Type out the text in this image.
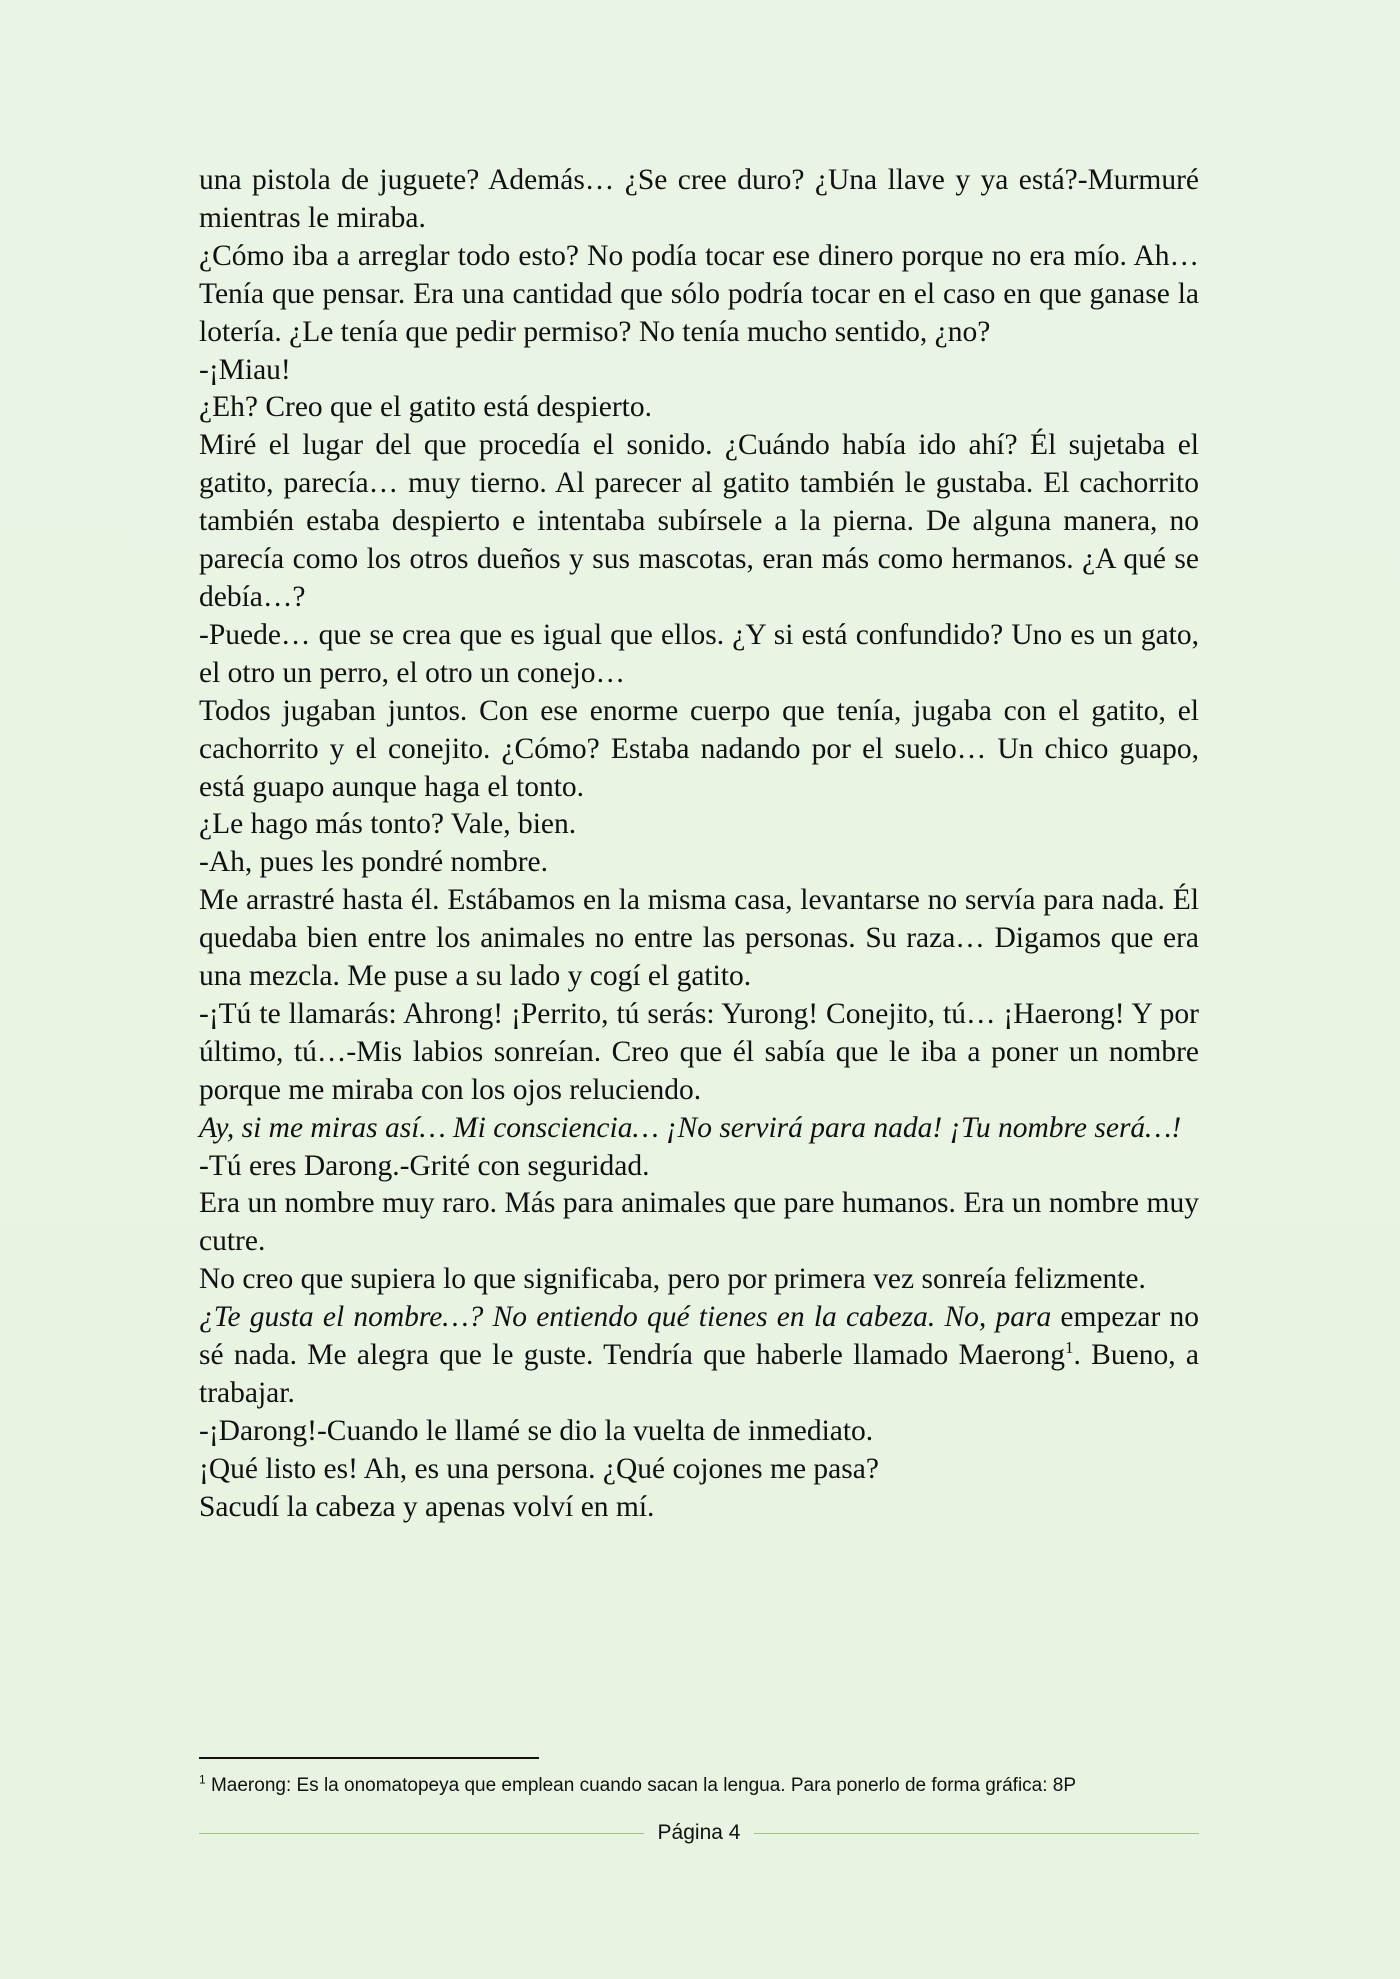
una pistola de juguete? Además… ¿Se cree duro? ¿Una llave y ya está?-Murmuré mientras le miraba.

¿Cómo iba a arreglar todo esto? No podía tocar ese dinero porque no era mío. Ah… Tenía que pensar. Era una cantidad que sólo podría tocar en el caso en que ganase la lotería. ¿Le tenía que pedir permiso? No tenía mucho sentido, ¿no?

-¡Miau!

¿Eh? Creo que el gatito está despierto.

Miré el lugar del que procedía el sonido. ¿Cuándo había ido ahí? Él sujetaba el gatito, parecía… muy tierno. Al parecer al gatito también le gustaba. El cachorrito también estaba despierto e intentaba subírsele a la pierna. De alguna manera, no parecía como los otros dueños y sus mascotas, eran más como hermanos. ¿A qué se debía…?

-Puede… que se crea que es igual que ellos. ¿Y si está confundido? Uno es un gato, el otro un perro, el otro un conejo…

Todos jugaban juntos. Con ese enorme cuerpo que tenía, jugaba con el gatito, el cachorrito y el conejito. ¿Cómo? Estaba nadando por el suelo… Un chico guapo, está guapo aunque haga el tonto.

¿Le hago más tonto? Vale, bien.

-Ah, pues les pondré nombre.

Me arrastré hasta él. Estábamos en la misma casa, levantarse no servía para nada. Él quedaba bien entre los animales no entre las personas. Su raza… Digamos que era una mezcla. Me puse a su lado y cogí el gatito.

-¡Tú te llamarás: Ahrong! ¡Perrito, tú serás: Yurong! Conejito, tú… ¡Haerong! Y por último, tú…-Mis labios sonreían. Creo que él sabía que le iba a poner un nombre porque me miraba con los ojos reluciendo.

Ay, si me miras así… Mi consciencia… ¡No servirá para nada! ¡Tu nombre será…!

-Tú eres Darong.-Grité con seguridad.

Era un nombre muy raro. Más para animales que pare humanos. Era un nombre muy cutre.

No creo que supiera lo que significaba, pero por primera vez sonreía felizmente.

¿Te gusta el nombre…? No entiendo qué tienes en la cabeza. No, para empezar no sé nada. Me alegra que le guste. Tendría que haberle llamado Maerong$^1$. Bueno, a trabajar.

-¡Darong!-Cuando le llamé se dio la vuelta de inmediato.

¡Qué listo es! Ah, es una persona. ¿Qué cojones me pasa?

Sacudí la cabeza y apenas volví en mí.

$^1$ Maerong: Es la onomatopeya que emplean cuando sacan la lengua. Para ponerlo de forma gráfica: 8P
Página 4
